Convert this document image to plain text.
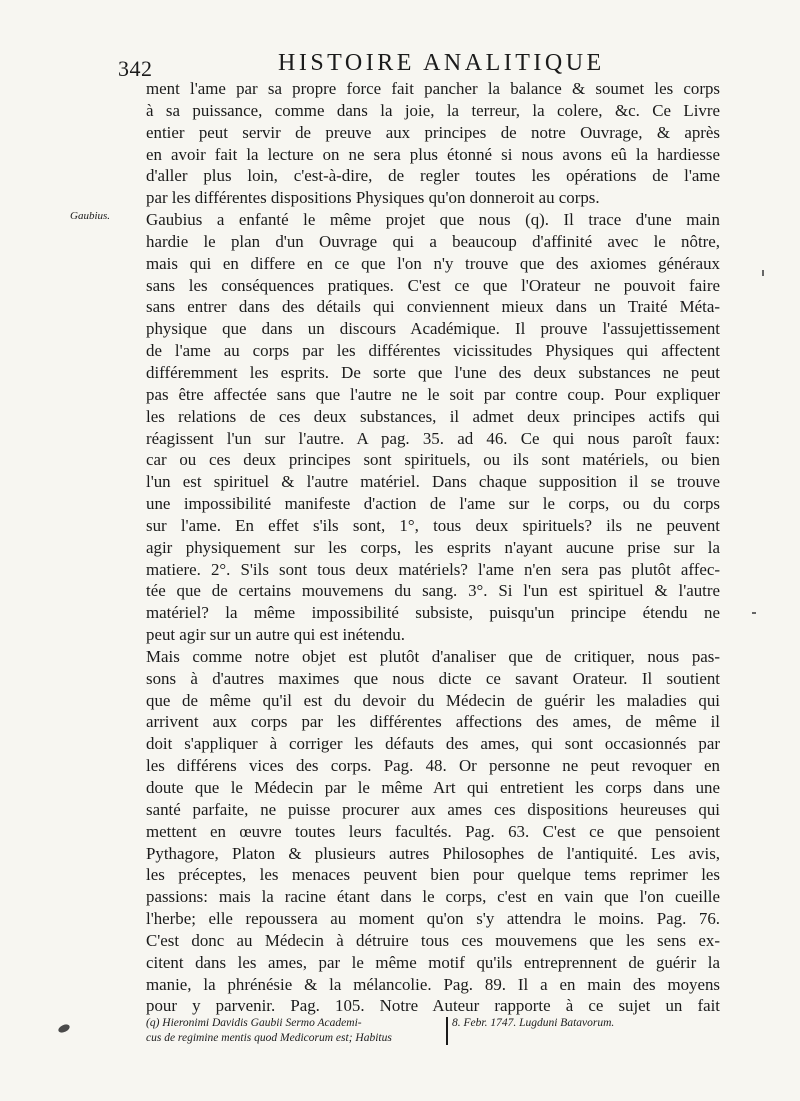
342	HISTOIRE ANALITIQUE
Gaubius.
ment l'ame par sa propre force fait pancher la balance & soumet les corps
à sa puissance, comme dans la joie, la terreur, la colere, &c. Ce Livre
entier peut servir de preuve aux principes de notre Ouvrage, & après
en avoir fait la lecture on ne sera plus étonné si nous avons eû la hardiesse
d'aller plus loin, c'est-à-dire, de regler toutes les opérations de l'ame
par les différentes dispositions Physiques qu'on donneroit au corps.
Gaubius a enfanté le même projet que nous (q). Il trace d'une main
hardie le plan d'un Ouvrage qui a beaucoup d'affinité avec le nôtre,
mais qui en differe en ce que l'on n'y trouve que des axiomes généraux
sans les conséquences pratiques. C'est ce que l'Orateur ne pouvoit faire
sans entrer dans des détails qui conviennent mieux dans un Traité Méta-
physique que dans un discours Académique. Il prouve l'assujettissement
de l'ame au corps par les différentes vicissitudes Physiques qui affectent
différemment les esprits. De sorte que l'une des deux substances ne peut
pas être affectée sans que l'autre ne le soit par contre coup. Pour expliquer
les relations de ces deux substances, il admet deux principes actifs qui
réagissent l'un sur l'autre. A pag. 35. ad 46. Ce qui nous paroît faux:
car ou ces deux principes sont spirituels, ou ils sont matériels, ou bien
l'un est spirituel & l'autre matériel. Dans chaque supposition il se trouve
une impossibilité manifeste d'action de l'ame sur le corps, ou du corps
sur l'ame. En effet s'ils sont, 1°, tous deux spirituels? ils ne peuvent
agir physiquement sur les corps, les esprits n'ayant aucune prise sur la
matiere. 2°. S'ils sont tous deux matériels? l'ame n'en sera pas plutôt affec-
tée que de certains mouvemens du sang. 3°. Si l'un est spirituel & l'autre
matériel? la même impossibilité subsiste, puisqu'un principe étendu ne
peut agir sur un autre qui est inétendu.
Mais comme notre objet est plutôt d'analiser que de critiquer, nous pas-
sons à d'autres maximes que nous dicte ce savant Orateur. Il soutient
que de même qu'il est du devoir du Médecin de guérir les maladies qui
arrivent aux corps par les différentes affections des ames, de même il
doit s'appliquer à corriger les défauts des ames, qui sont occasionnés par
les différens vices des corps. Pag. 48. Or personne ne peut revoquer en
doute que le Médecin par le même Art qui entretient les corps dans une
santé parfaite, ne puisse procurer aux ames ces dispositions heureuses qui
mettent en œuvre toutes leurs facultés. Pag. 63. C'est ce que pensoient
Pythagore, Platon & plusieurs autres Philosophes de l'antiquité. Les avis,
les préceptes, les menaces peuvent bien pour quelque tems reprimer les
passions: mais la racine étant dans le corps, c'est en vain que l'on cueille
l'herbe; elle repoussera au moment qu'on s'y attendra le moins. Pag. 76.
C'est donc au Médecin à détruire tous ces mouvemens que les sens ex-
citent dans les ames, par le même motif qu'ils entreprennent de guérir la
manie, la phrénésie & la mélancolie. Pag. 89. Il a en main des moyens
pour y parvenir. Pag. 105. Notre Auteur rapporte à ce sujet un fait
(q) Hieronimi Davidis Gaubii Sermo Academi-
cus de regimine mentis quod Medicorum est; Habitus
8. Febr. 1747. Lugduni Batavorum.
